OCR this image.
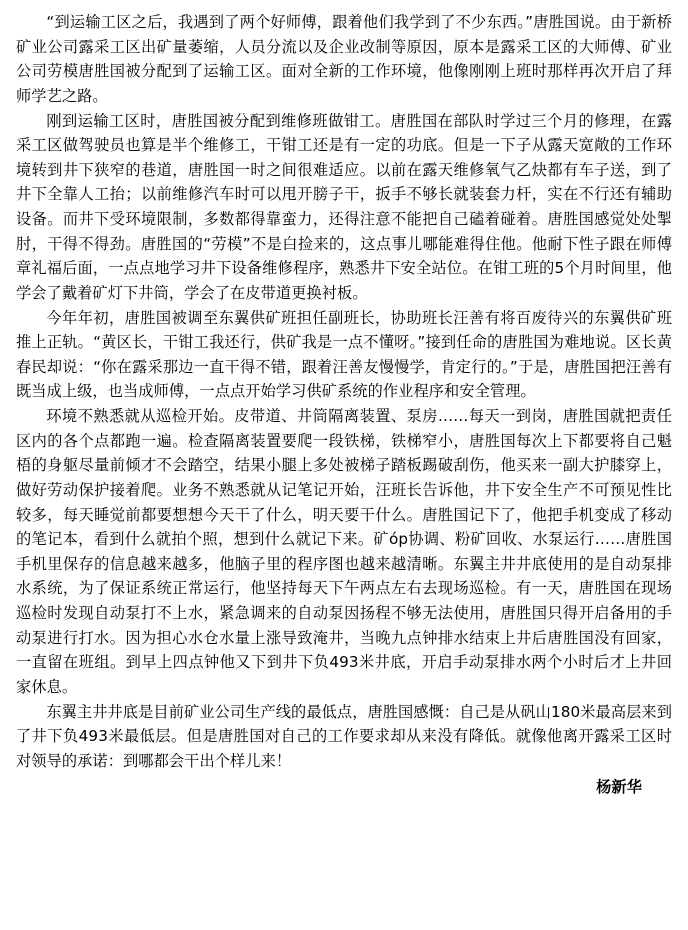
“到运输工区之后，我遇到了两个好师傅，跟着他们我学到了不少东西。”唐胜国说。由于新桥矿业公司露采工区出矿量萎缩，人员分流以及企业改制等原因，原本是露采工区的大师傅、矿业公司劳模唐胜国被分配到了运输工区。面对全新的工作环境，他像刚刚上班时那样再次开启了拜师学艺之路。

刚到运输工区时，唐胜国被分配到维修班做钳工。唐胜国在部队时学过三个月的修理，在露采工区做驾驶员也算是半个维修工，干钳工还是有一定的功底。但是一下子从露天宽敞的工作环境转到井下狭窄的巷道，唐胜国一时之间很难适应。以前在露天维修氧气乙炔都有车子送，到了井下全靠人工抬；以前维修汽车时可以甩开膀子干，扳手不够长就装套力杆，实在不行还有辅助设备。而井下受环境限制，多数都得靠蛮力，还得注意不能把自己磕着碰着。唐胜国感觉处处掣肘，干得不得劲。唐胜国的“劳模”不是白捡来的，这点事儿哪能难得住他。他耐下性子跟在师傅章礼福后面，一点点地学习井下设备维修程序，熟悉井下安全站位。在钳工班的5个月时间里，他学会了戴着矿灯下井筒，学会了在皮带道更换衬板。

今年年初，唐胜国被调至东翼供矿班担任副班长，协助班长汪善有将百废待兴的东翼供矿班推上正轨。“黄区长，干钳工我还行，供矿我是一点不懂呀。”接到任命的唐胜国为难地说。区长黄春民却说：“你在露采那边一直干得不错，跟着汪善友慢慢学，肯定行的。”于是，唐胜国把汪善有既当成上级，也当成师傅，一点点开始学习供矿系统的作业程序和安全管理。

环境不熟悉就从巡检开始。皮带道、井筒隔离装置、泵房……每天一到岗，唐胜国就把责任区内的各个点都跑一遍。检查隔离装置要爬一段铁梯，铁梯窄小，唐胜国每次上下都要将自己魁梧的身躯尽量前倾才不会踏空，结果小腿上多处被梯子踏板踢破刮伤，他买来一副大护膝穿上，做好劳动保护接着爬。业务不熟悉就从记笔记开始，汪班长告诉他，井下安全生产不可预见性比较多，每天睡觉前都要想想今天干了什么，明天要干什么。唐胜国记下了，他把手机变成了移动的笔记本，看到什么就拍个照，想到什么就记下来。矿óp协调、粉矿回收、水泵运行……唐胜国手机里保存的信息越来越多，他脑子里的程序图也越来越清晰。东翼主井井底使用的是自动泵排水系统，为了保证系统正常运行，他坚持每天下午两点左右去现场巡检。有一天，唐胜国在现场巡检时发现自动泵打不上水，紧急调来的自动泵因扬程不够无法使用，唐胜国只得开启备用的手动泵进行打水。因为担心水仓水量上涨导致淹井，当晚九点钟排水结束上井后唐胜国没有回家，一直留在班组。到早上四点钟他又下到井下负493米井底，开启手动泵排水两个小时后才上井回家休息。

东翼主井井底是目前矿业公司生产线的最低点，唐胜国感慨：自己是从矾山180米最高层来到了井下负493米最低层。但是唐胜国对自己的工作要求却从来没有降低。就像他离开露采工区时对领导的承诺：到哪都会干出个样儿来！

杨新华
